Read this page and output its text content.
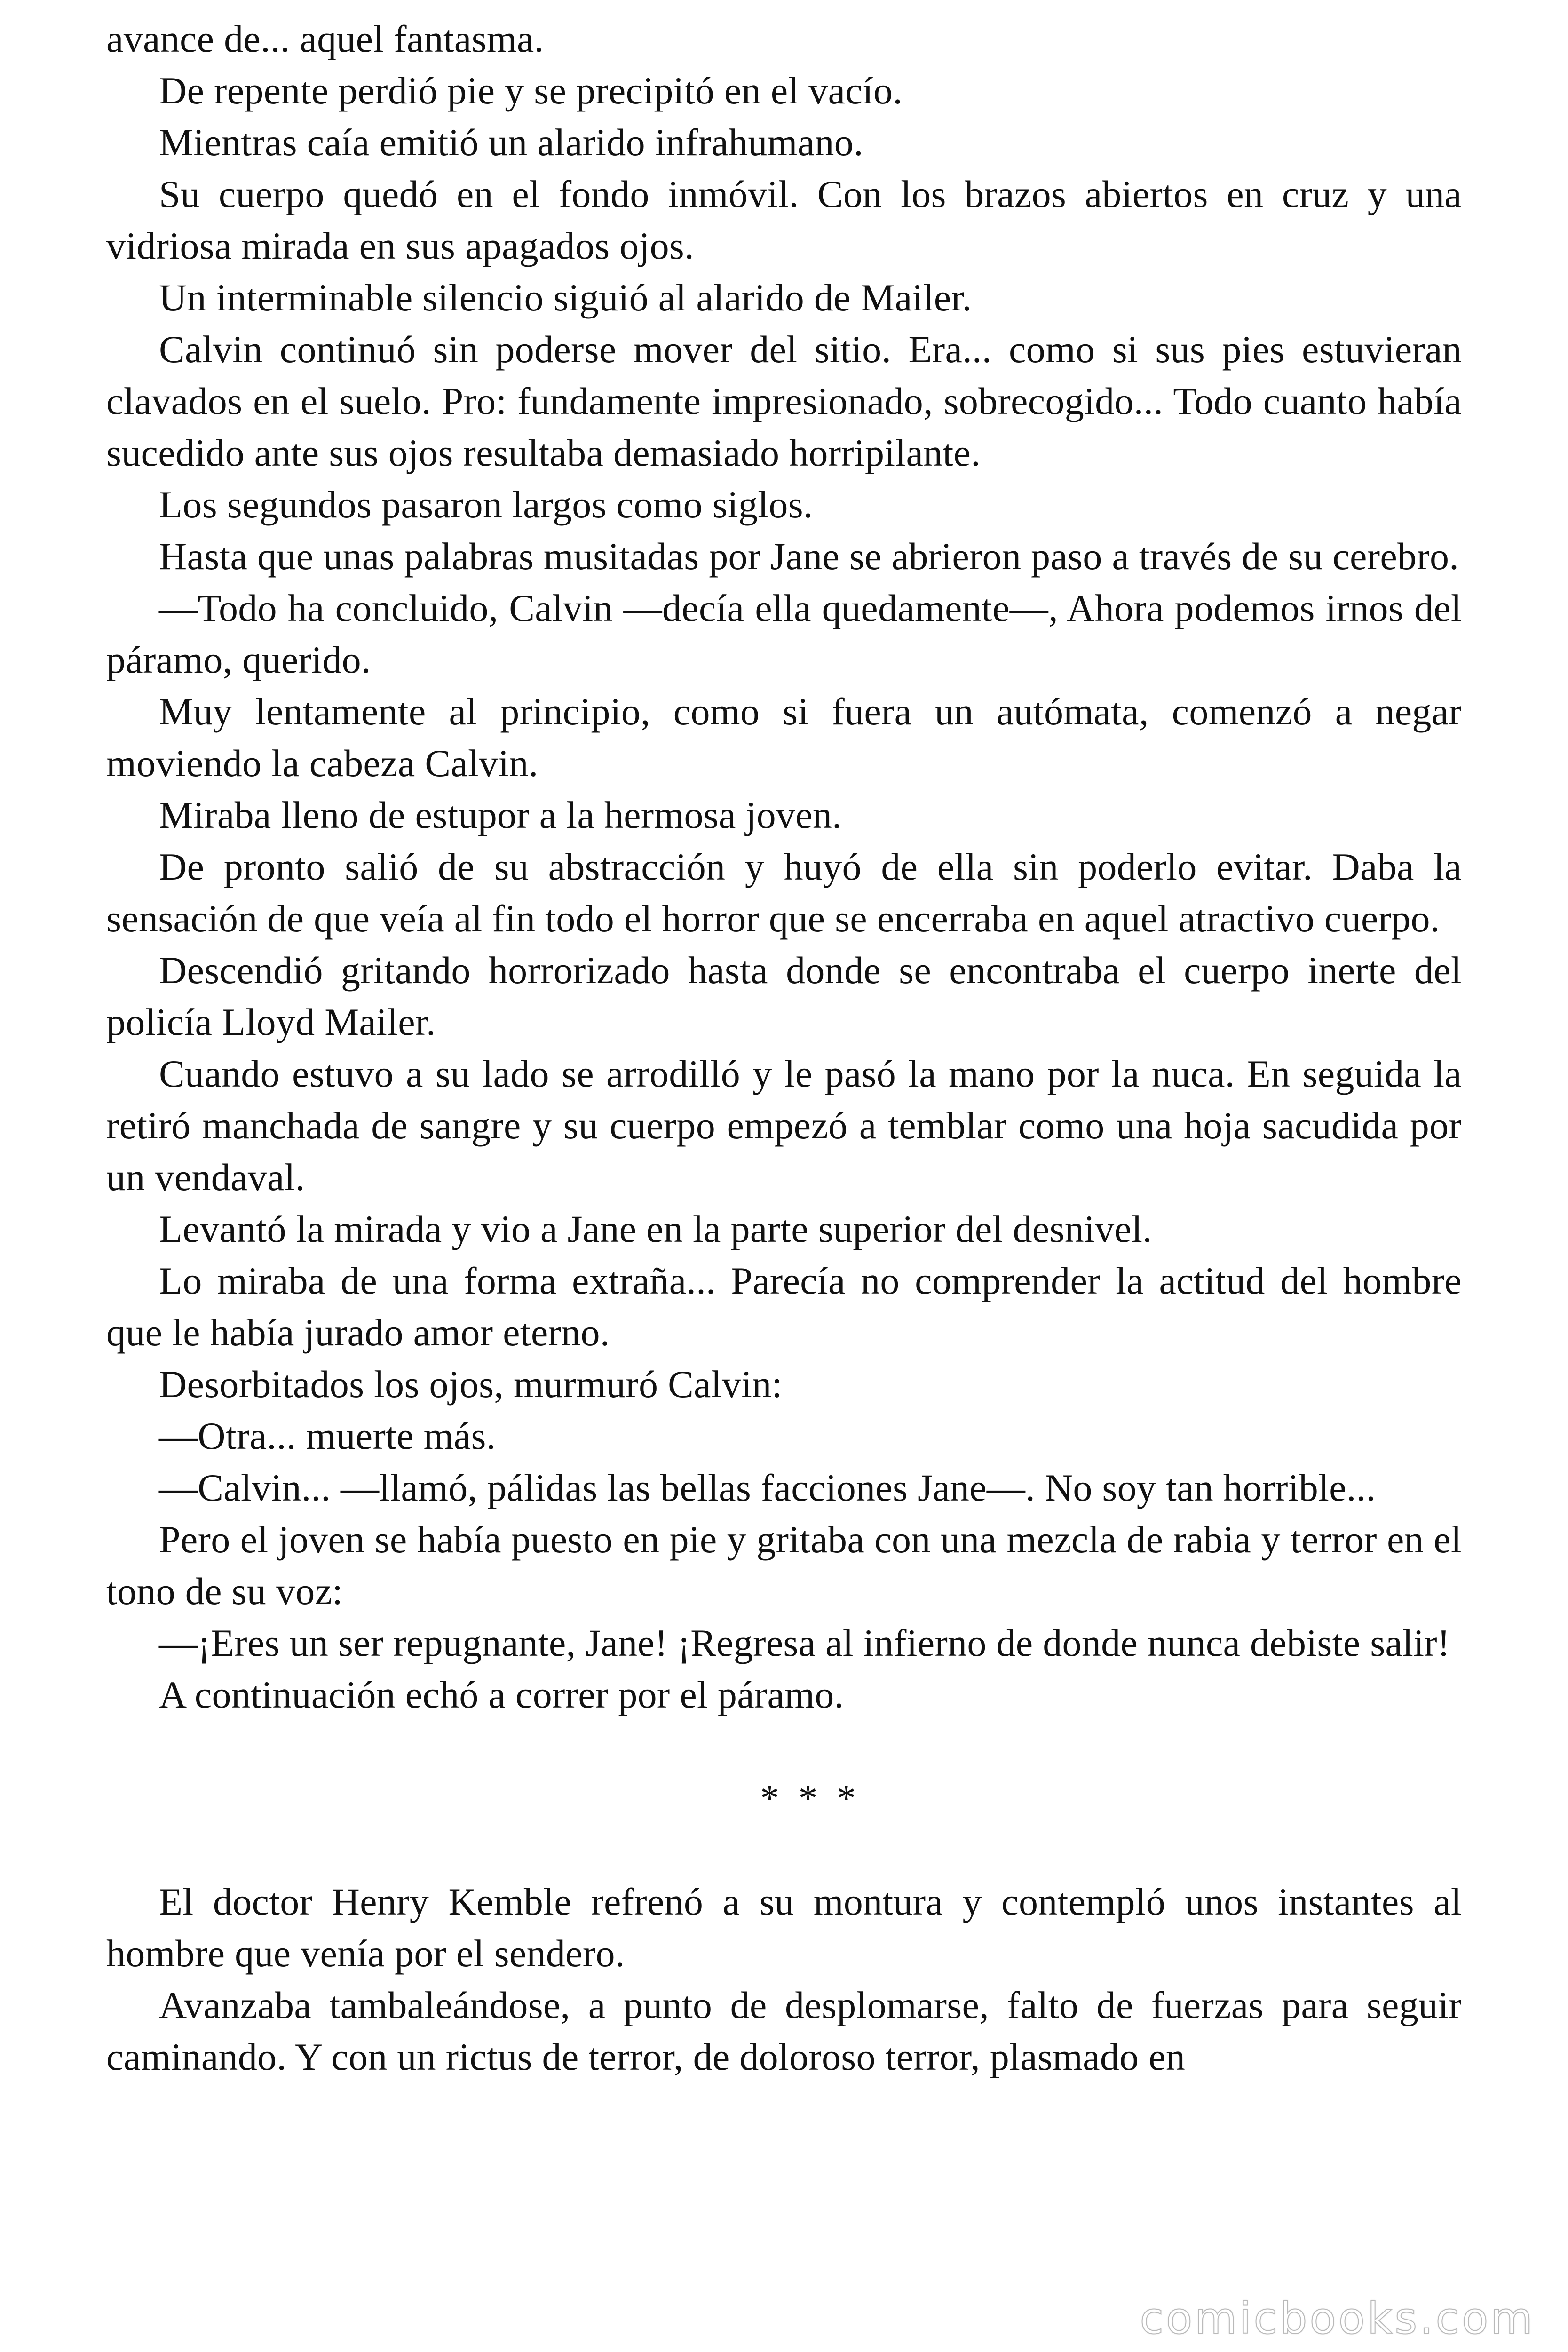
avance de... aquel fantasma.

De repente perdió pie y se precipitó en el vacío.

Mientras caía emitió un alarido infrahumano.

Su cuerpo quedó en el fondo inmóvil. Con los brazos abiertos en cruz y una vidriosa mirada en sus apagados ojos.

Un interminable silencio siguió al alarido de Mailer.

Calvin continuó sin poderse mover del sitio. Era... como si sus pies estuvieran clavados en el suelo. Pro: fundamente impresionado, sobrecogido... Todo cuanto había sucedido ante sus ojos resultaba demasiado horripilante.

Los segundos pasaron largos como siglos.

Hasta que unas palabras musitadas por Jane se abrieron paso a través de su cerebro.

—Todo ha concluido, Calvin —decía ella quedamente—, Ahora podemos irnos del páramo, querido.

Muy lentamente al principio, como si fuera un autómata, comenzó a negar moviendo la cabeza Calvin.

Miraba lleno de estupor a la hermosa joven.

De pronto salió de su abstracción y huyó de ella sin poderlo evitar. Daba la sensación de que veía al fin todo el horror que se encerraba en aquel atractivo cuerpo.

Descendió gritando horrorizado hasta donde se encontraba el cuerpo inerte del policía Lloyd Mailer.

Cuando estuvo a su lado se arrodilló y le pasó la mano por la nuca. En seguida la retiró manchada de sangre y su cuerpo empezó a temblar como una hoja sacudida por un vendaval.

Levantó la mirada y vio a Jane en la parte superior del desnivel.

Lo miraba de una forma extraña... Parecía no comprender la actitud del hombre que le había jurado amor eterno.

Desorbitados los ojos, murmuró Calvin:

—Otra... muerte más.

—Calvin... —llamó, pálidas las bellas facciones Jane—. No soy tan horrible...

Pero el joven se había puesto en pie y gritaba con una mezcla de rabia y terror en el tono de su voz:

—¡Eres un ser repugnante, Jane! ¡Regresa al infierno de donde nunca debiste salir!

A continuación echó a correr por el páramo.

* * *

El doctor Henry Kemble refrenó a su montura y contempló unos instantes al hombre que venía por el sendero.

Avanzaba tambaleándose, a punto de desplomarse, falto de fuerzas para seguir caminando. Y con un rictus de terror, de doloroso terror, plasmado en

comicbooks.com
